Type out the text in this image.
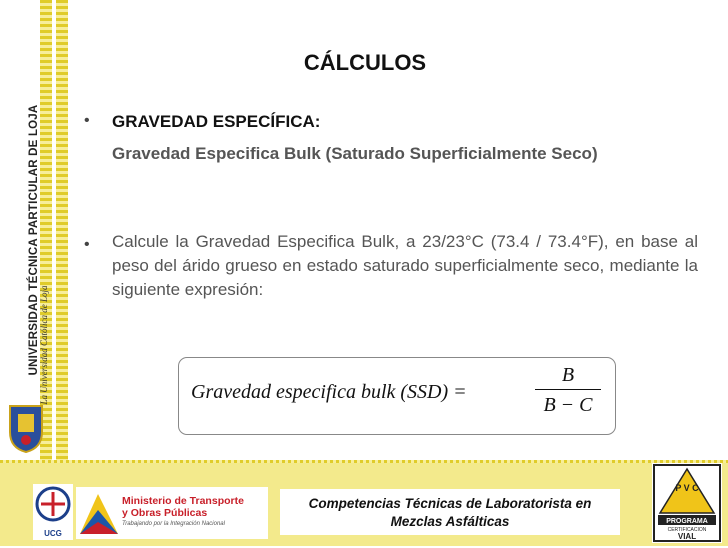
UNIVERSIDAD TÉCNICA PARTICULAR DE LOJA La Universidad Católica de Loja
CÁLCULOS
• GRAVEDAD ESPECÍFICA:
Gravedad Especifica Bulk (Saturado Superficialmente Seco)
• Calcule la Gravedad Especifica Bulk, a 23/23°C (73.4 / 73.4°F), en base al peso del árido grueso en estado saturado superficialmente seco, mediante la siguiente expresión:
Gravedad especifica bulk (SSD) =
B
B − C
UCG
Ministerio de Transporte
y Obras Públicas
Trabajando por la Integración Nacional
Competencias Técnicas de Laboratorista en
Mezclas Asfálticas
P V C
PROGRAMA
CERTIFICACION
VIAL
